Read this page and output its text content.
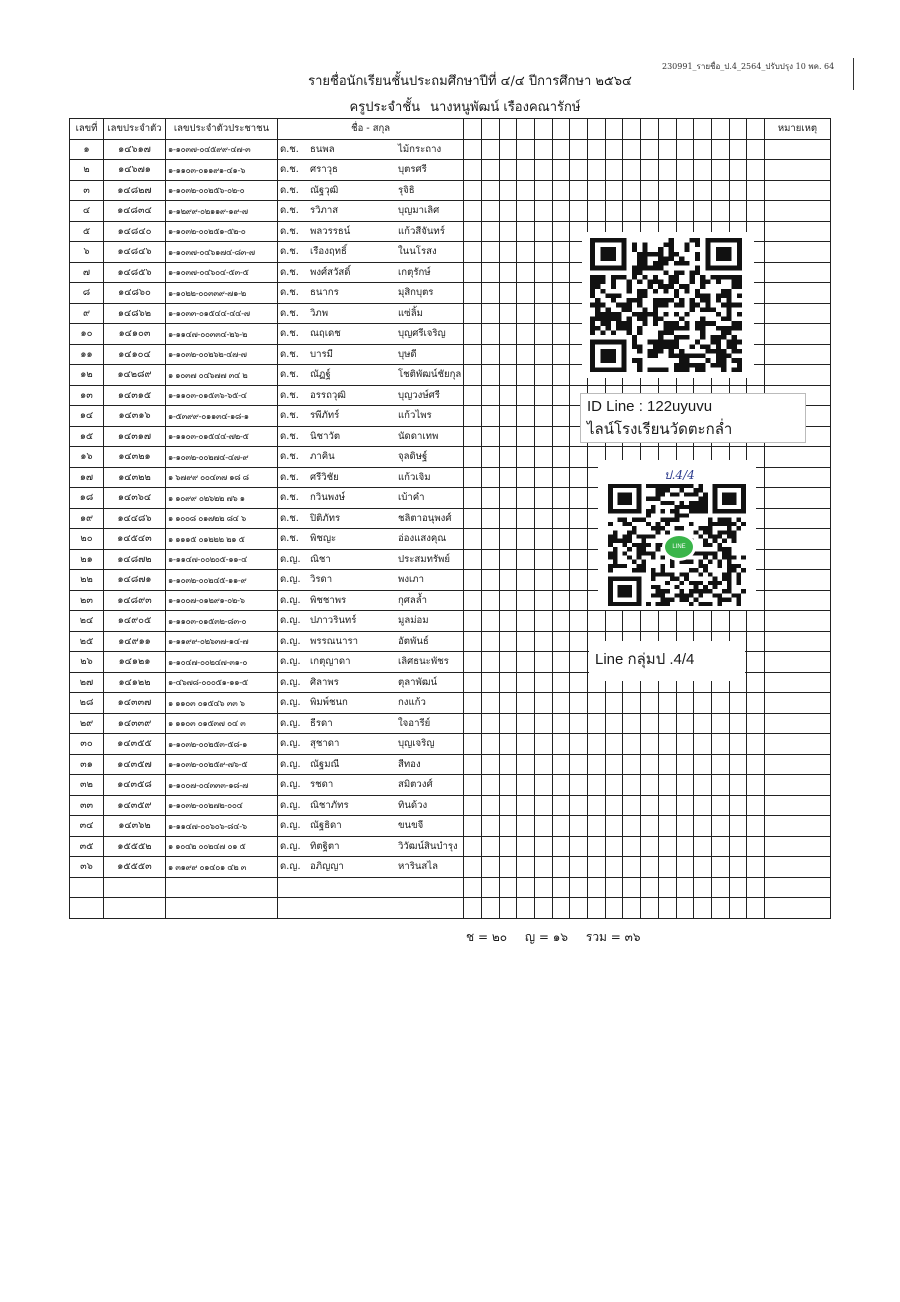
230991_รายชื่อ_ป.4_2564_ปรับปรุง 10 พค. 64
รายชื่อนักเรียนชั้นประถมศึกษาปีที่ ๔/๔ ปีการศึกษา ๒๕๖๔
ครูประจำชั้น นางหนูพัฒน์ เรืองคณารักษ์
เลขที่	เลขประจำตัว	เลขประจำตัวประชาชน	ชื่อ - สกุล																		หมายเหตุ
๑	๑๔๖๑๗	๑-๑๐๓๗-๐๔๕๙๙-๔๗-๓	ด.ช. ธนพล ไม้กระถาง																		
๒	๑๔๖๗๑	๑-๑๑๐๓-๐๑๑๙๑-๔๑-๖	ด.ช. ศราวุธ บุตรศรี																		
๓	๑๔๘๒๗	๑-๑๐๓๒-๐๐๒๕๖-๐๒-๐	ด.ช. ณัฐวุฒิ รุจิธิ																		
๔	๑๔๘๓๔	๑-๑๒๙๙-๐๒๑๑๙-๑๙-๗	ด.ช. รวิภาส บุญมาเลิศ																		
๕	๑๔๘๔๐	๑-๑๐๓๒-๐๐๒๕๑-๕๒-๐	ด.ช. พลวรรธน์ แก้วสีจันทร์																		
๖	๑๔๘๔๖	๑-๑๐๓๗-๐๔๖๑๗๔-๘๓-๗	ด.ช. เรืองฤทธิ์ ในนโรสง																		
๗	๑๔๘๕๖	๑-๑๐๓๗-๐๔๖๐๔-๕๓-๕	ด.ช. พงศ์สวัสดิ์ เกตุรักษ์																		
๘	๑๔๘๖๐	๑-๑๐๒๒-๐๐๓๓๙-๗๑-๒	ด.ช. ธนากร มุสิกบุตร																		
๙	๑๔๘๖๒	๑-๑๐๓๓-๐๑๕๔๔-๔๔-๗	ด.ช. วิภพ แซ่ลิ้ม																		
๑๐	๑๔๑๐๓	๑-๑๑๔๗-๐๐๓๓๔-๒๖-๒	ด.ช. ณฤเดช บุญศรีเจริญ																		
๑๑	๑๔๑๐๔	๑-๑๐๓๒-๐๐๒๖๒-๔๗-๗	ด.ช. บารมี บุษดี																		
๑๒	๑๔๒๘๙	๑ ๑๐๓๗ ๐๔๖๗๗ ๓๔ ๒	ด.ช. ณัฏฐ์ โชติพัฒน์ชัยกุล																		
๑๓	๑๔๓๑๕	๑-๑๑๐๓-๐๑๕๓๖-๖๕-๔	ด.ช. อรรถวุฒิ บุญวงษ์ศรี																		
๑๔	๑๔๓๑๖	๑-๕๓๙๙-๐๑๑๓๔-๑๘-๑	ด.ช. รพีภัทร์ แก้วไพร																		
๑๕	๑๔๓๑๗	๑-๑๑๐๓-๐๑๕๔๔-๗๒-๕	ด.ช. นิชาวัต นัดดาเทพ																		
๑๖	๑๔๓๒๑	๑-๑๐๓๒-๐๐๒๗๔-๔๗-๙	ด.ช. ภาคิน จุลดิษฐ์																		
๑๗	๑๔๓๒๒	๑ ๖๗๙๙ ๐๐๔๓๗ ๑๘ ๘	ด.ช. ศรีวิชัย แก้วเจิม																		
๑๘	๑๔๓๖๔	๑ ๑๐๙๙ ๐๒๖๒๒ ๗๖ ๑	ด.ช. กวินพงษ์ เบ้าคำ																		
๑๙	๑๔๔๘๖	๑ ๑๐๐๘ ๐๑๗๒๒ ๘๔ ๖	ด.ช. ปิติภัทร ชลิตาอนุพงศ์																		
๒๐	๑๔๕๔๓	๑ ๑๑๑๕ ๐๑๒๒๒ ๒๑ ๕	ด.ช. พิชญะ อ่องแสงคุณ																		
๒๑	๑๔๘๗๒	๑-๑๑๔๗-๐๐๒๐๕-๑๑-๔	ด.ญ. ณิชา ประสมทรัพย์																		
๒๒	๑๔๘๗๑	๑-๑๐๓๒-๐๐๒๔๕-๑๑-๙	ด.ญ. วิรดา พงเภา																		
๒๓	๑๔๘๙๓	๑-๑๐๐๗-๐๑๒๙๑-๐๒-๖	ด.ญ. พิชชาพร กุศลล้ำ																		
๒๔	๑๔๙๐๕	๑-๑๑๐๓-๐๑๕๓๒-๘๓-๐	ด.ญ. ปภาวรินทร์ มูลม่อม																		
๒๕	๑๔๙๑๑	๑-๑๑๙๙-๐๒๖๓๗-๑๔-๗	ด.ญ. พรรณนารา อัตพันธ์																		
๒๖	๑๔๑๒๑	๑-๑๐๔๗-๐๐๒๔๗-๓๑-๐	ด.ญ. เกตุญาดา เลิศธนะพัชร																		
๒๗	๑๔๑๒๒	๑-๔๖๗๘-๐๐๐๕๑-๑๑-๕	ด.ญ. ศิลาพร ตุลาพัฒน์																		
๒๘	๑๔๓๓๗	๑ ๑๑๐๓ ๐๑๕๔๖ ๓๓ ๖	ด.ญ. พิมพ์ชนก กงแก้ว																		
๒๙	๑๔๓๓๙	๑ ๑๑๐๓ ๐๑๕๓๗ ๐๔ ๓	ด.ญ. ธีรดา ใจอารีย์																		
๓๐	๑๔๓๕๕	๑-๑๐๓๒-๐๐๒๕๓-๕๘-๑	ด.ญ. สุชาดา บุญเจริญ																		
๓๑	๑๔๓๕๗	๑-๑๐๓๒-๐๐๒๕๙-๗๖-๕	ด.ญ. ณัฐมณี สีทอง																		
๓๒	๑๔๓๕๘	๑-๑๐๐๗-๐๔๓๓๓-๑๘-๗	ด.ญ. รชดา สมิตวงศ์																		
๓๓	๑๔๓๕๙	๑-๑๐๓๒-๐๐๒๗๒-๐๐๔	ด.ญ. ณิชาภัทร ทินด้วง																		
๓๔	๑๔๓๖๒	๑-๑๑๔๗-๐๐๖๐๖-๘๔-๖	ด.ญ. ณัฐธิดา ขนขจี																		
๓๕	๑๕๕๕๒	๑ ๑๐๔๒ ๐๐๒๔๗ ๐๑ ๕	ด.ญ. ทิตฐิตา วิวัฒน์สินบำรุง																		
๓๖	๑๕๕๕๓	๑ ๓๑๙๙ ๐๑๔๐๑ ๔๒ ๓	ด.ญ. อภิญญา หารินสไล																		

ID Line : 122uyuvu
ไลน์โรงเรียนวัดตะกล่ำ
ป.4/4
LINE
Line กลุ่มป .4/4
ช = ๒๐ ญ = ๑๖ รวม = ๓๖
